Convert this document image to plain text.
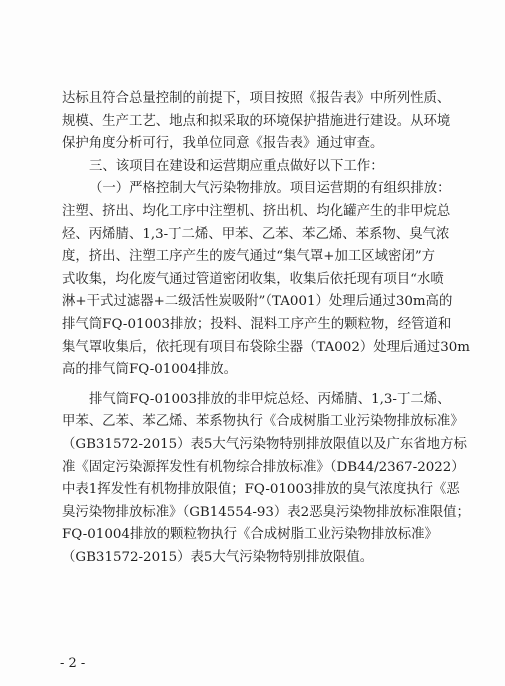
达标且符合总量控制的前提下，项目按照《报告表》中所列性质、
规模、生产工艺、地点和拟采取的环境保护措施进行建设。从环境
保护角度分析可行，我单位同意《报告表》通过审查。

三、该项目在建设和运营期应重点做好以下工作：

（一）严格控制大气污染物排放。项目运营期的有组织排放：
注塑、挤出、均化工序中注塑机、挤出机、均化罐产生的非甲烷总
烃、丙烯腈、1,3-丁二烯、甲苯、乙苯、苯乙烯、苯系物、臭气浓
度，挤出、注塑工序产生的废气通过“集气罩+加工区域密闭”方
式收集，均化废气通过管道密闭收集，收集后依托现有项目“水喷
淋+干式过滤器+二级活性炭吸附”（TA001）处理后通过30m高的
排气筒FQ-01003排放；投料、混料工序产生的颗粒物，经管道和
集气罩收集后，依托现有项目布袋除尘器（TA002）处理后通过30m
高的排气筒FQ-01004排放。

排气筒FQ-01003排放的非甲烷总烃、丙烯腈、1,3-丁二烯、
甲苯、乙苯、苯乙烯、苯系物执行《合成树脂工业污染物排放标准》
（GB31572-2015）表5大气污染物特别排放限值以及广东省地方标
准《固定污染源挥发性有机物综合排放标准》（DB44/2367-2022）
中表1挥发性有机物排放限值；FQ-01003排放的臭气浓度执行《恶
臭污染物排放标准》（GB14554-93）表2恶臭污染物排放标准限值；
FQ-01004排放的颗粒物执行《合成树脂工业污染物排放标准》
（GB31572-2015）表5大气污染物特别排放限值。

- 2 -
